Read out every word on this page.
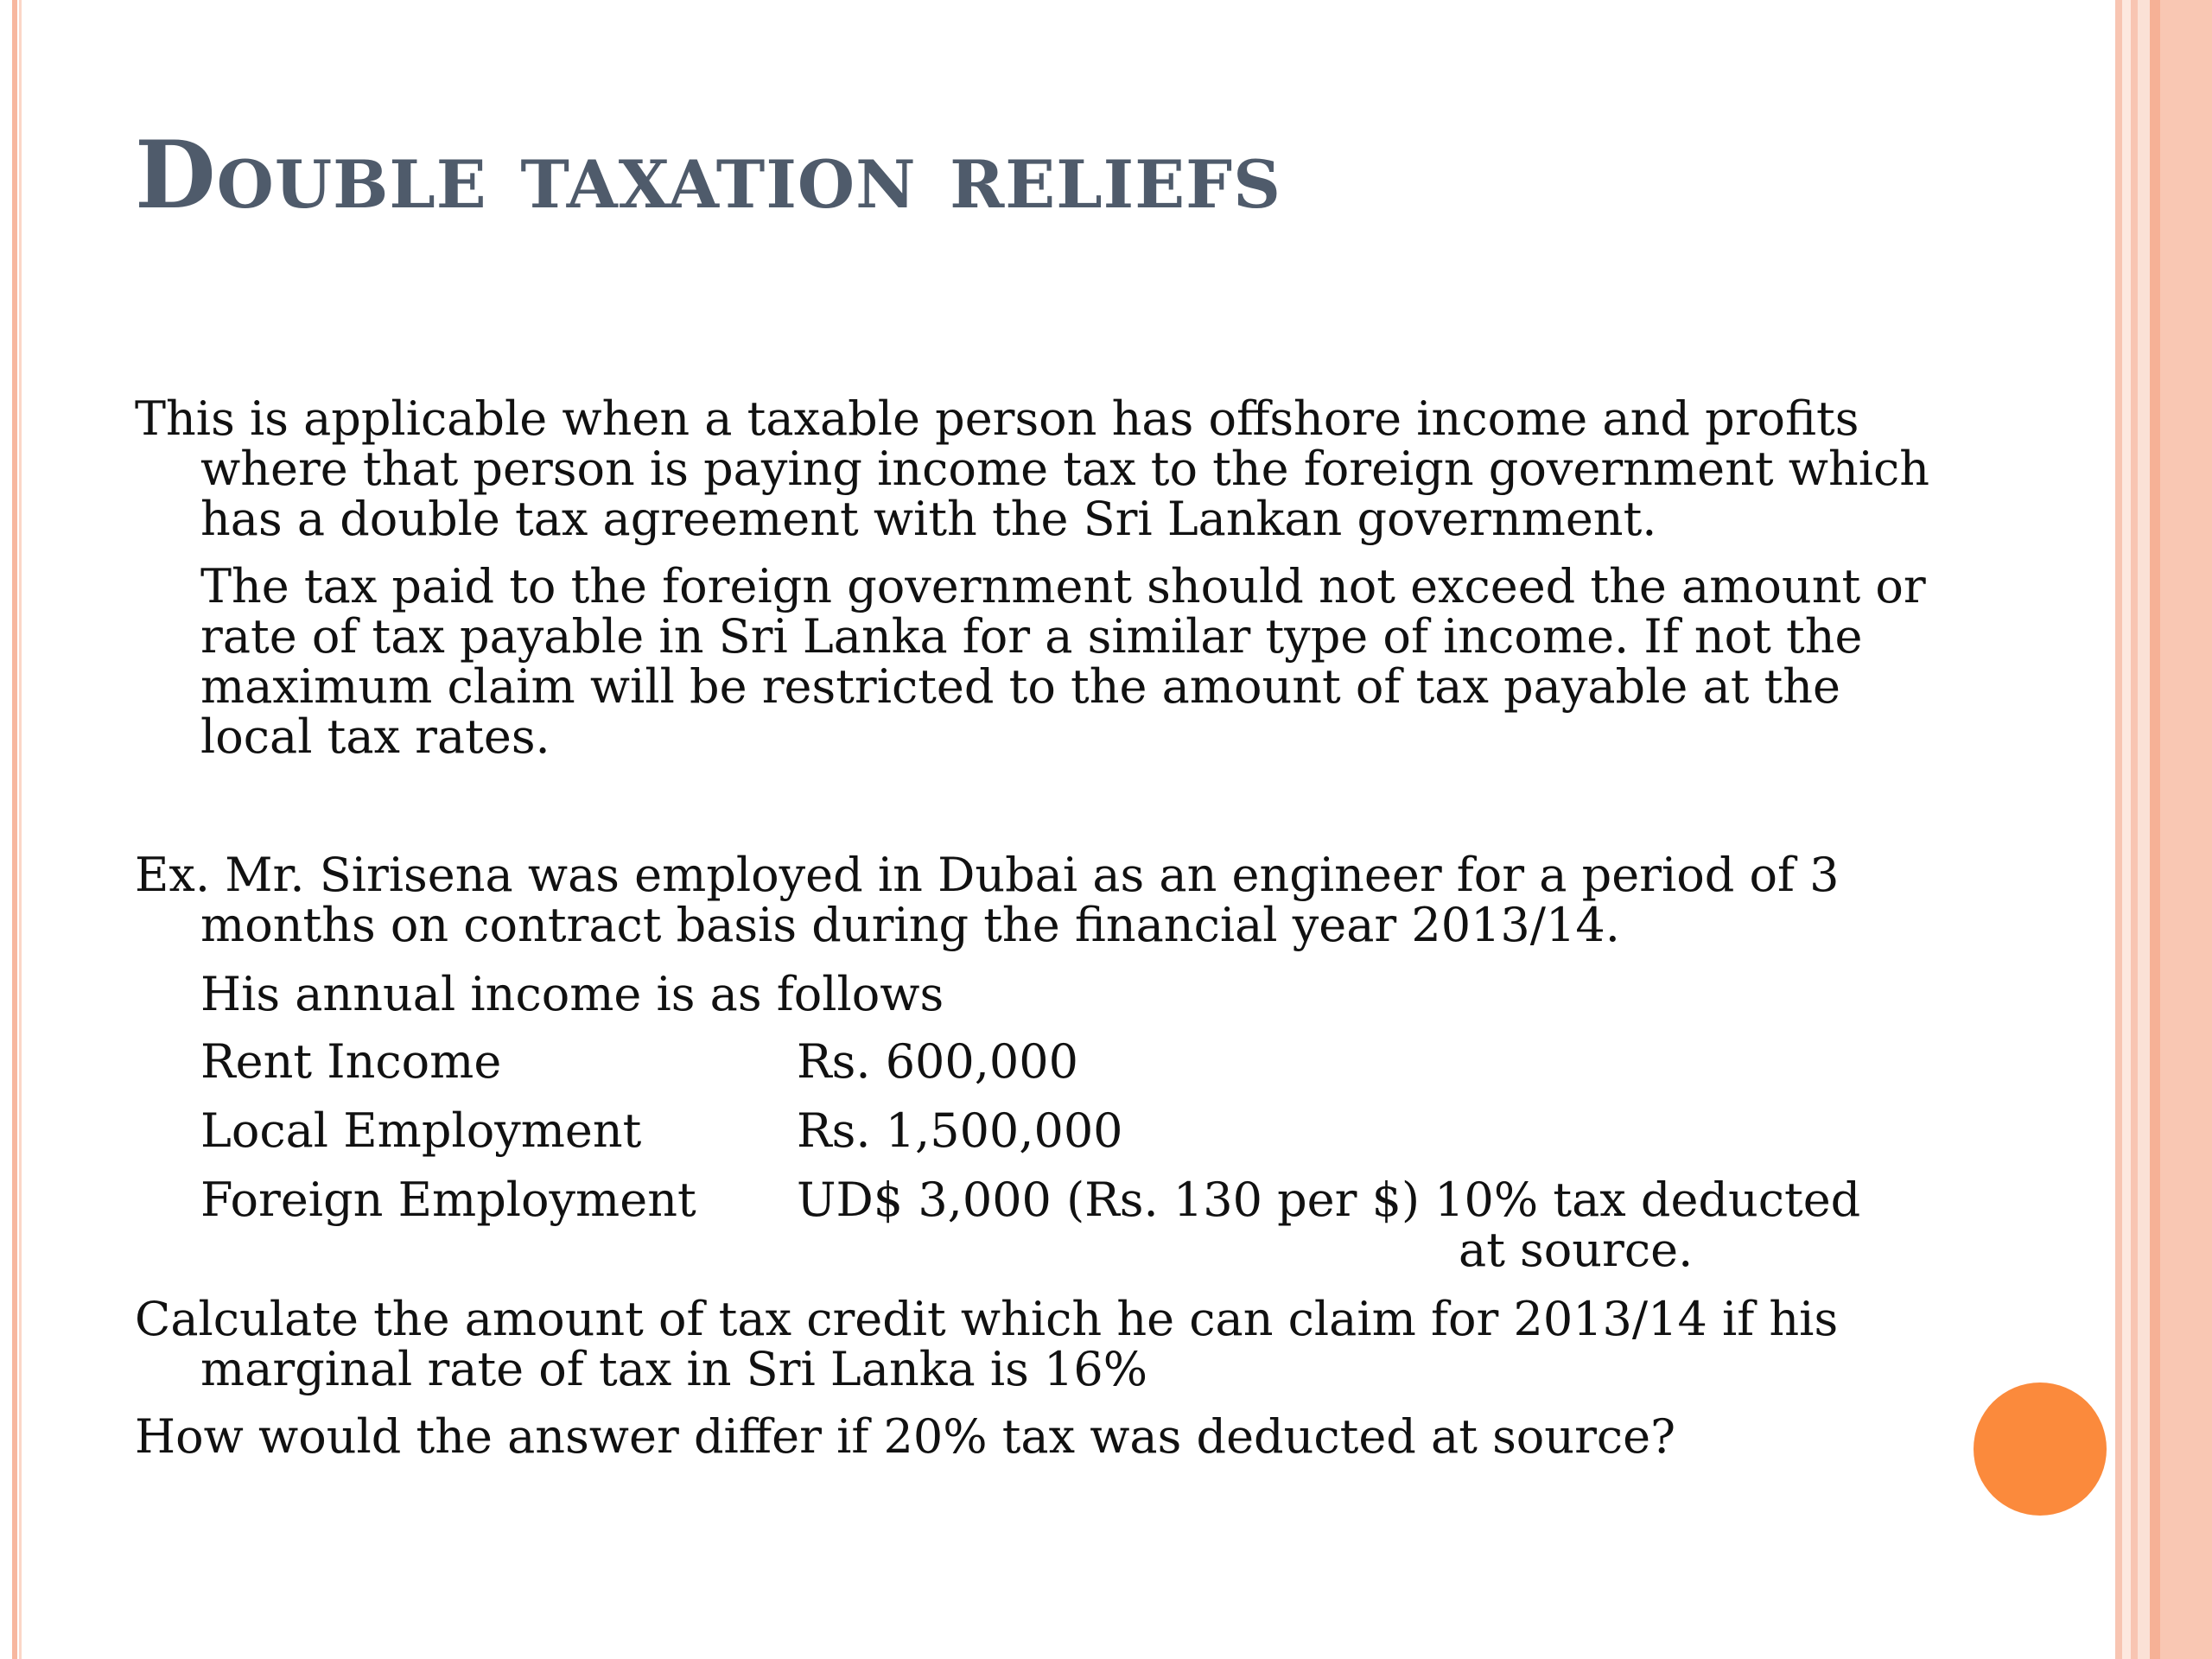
Double taxation reliefs
This is applicable when a taxable person has offshore income and profits where that person is paying income tax to the foreign government which has a double tax agreement with the Sri Lankan government.
The tax paid to the foreign government should not exceed the amount or rate of tax payable in Sri Lanka for a similar type of income. If not the maximum claim will be restricted to the amount of tax payable at the local tax rates.
Ex. Mr. Sirisena was employed in Dubai as an engineer for a period of 3 months on contract basis during the financial year 2013/14.
His annual income is as follows
Rent Income	Rs. 600,000
Local Employment	Rs. 1,500,000
Foreign Employment UD$ 3,000 (Rs. 130 per $) 10% tax deducted
at source.
Calculate the amount of tax credit which he can claim for 2013/14 if his marginal rate of tax in Sri Lanka is 16%
How would the answer differ if 20% tax was deducted at source?
